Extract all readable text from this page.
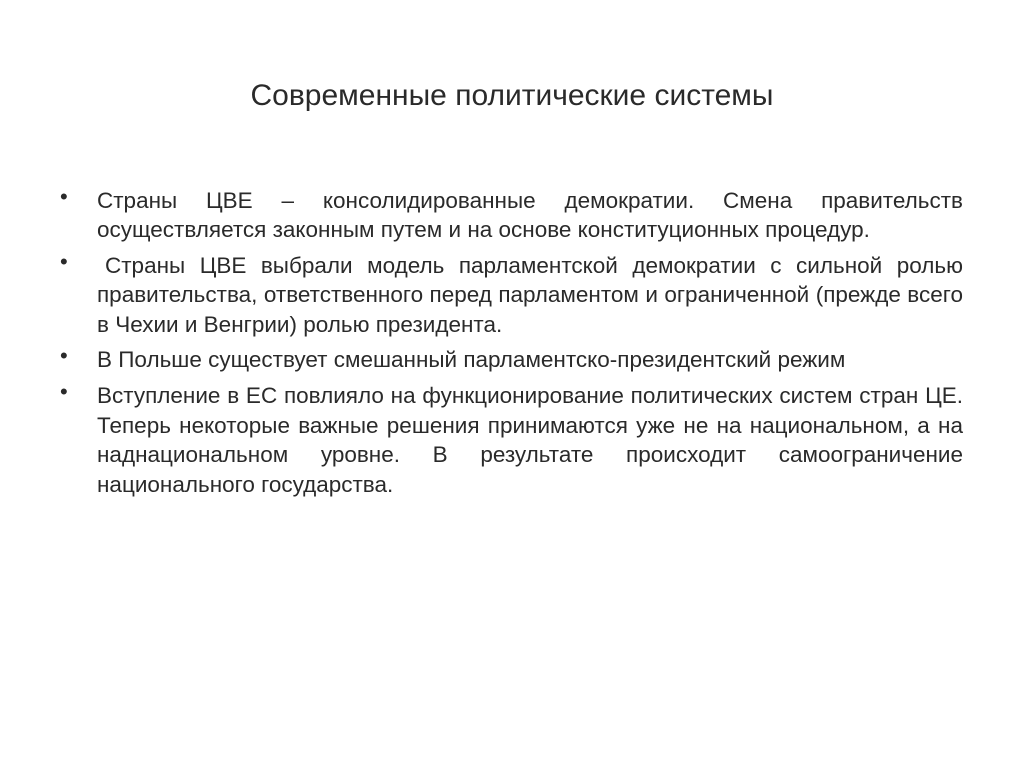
Современные политические системы
• Страны ЦВЕ – консолидированные демократии. Смена правительств осуществляется законным путем и на основе конституционных процедур.
•	Страны ЦВЕ выбрали модель парламентской демократии с сильной ролью правительства, ответственного перед парламентом и ограниченной (прежде всего в Чехии и Венгрии) ролью президента.
• В Польше существует смешанный парламентско-президентский режим
• Вступление в ЕС повлияло на функционирование политических систем стран ЦЕ. Теперь некоторые важные решения принимаются уже не на национальном, а на наднациональном уровне. В результате происходит самоограничение национального государства.
